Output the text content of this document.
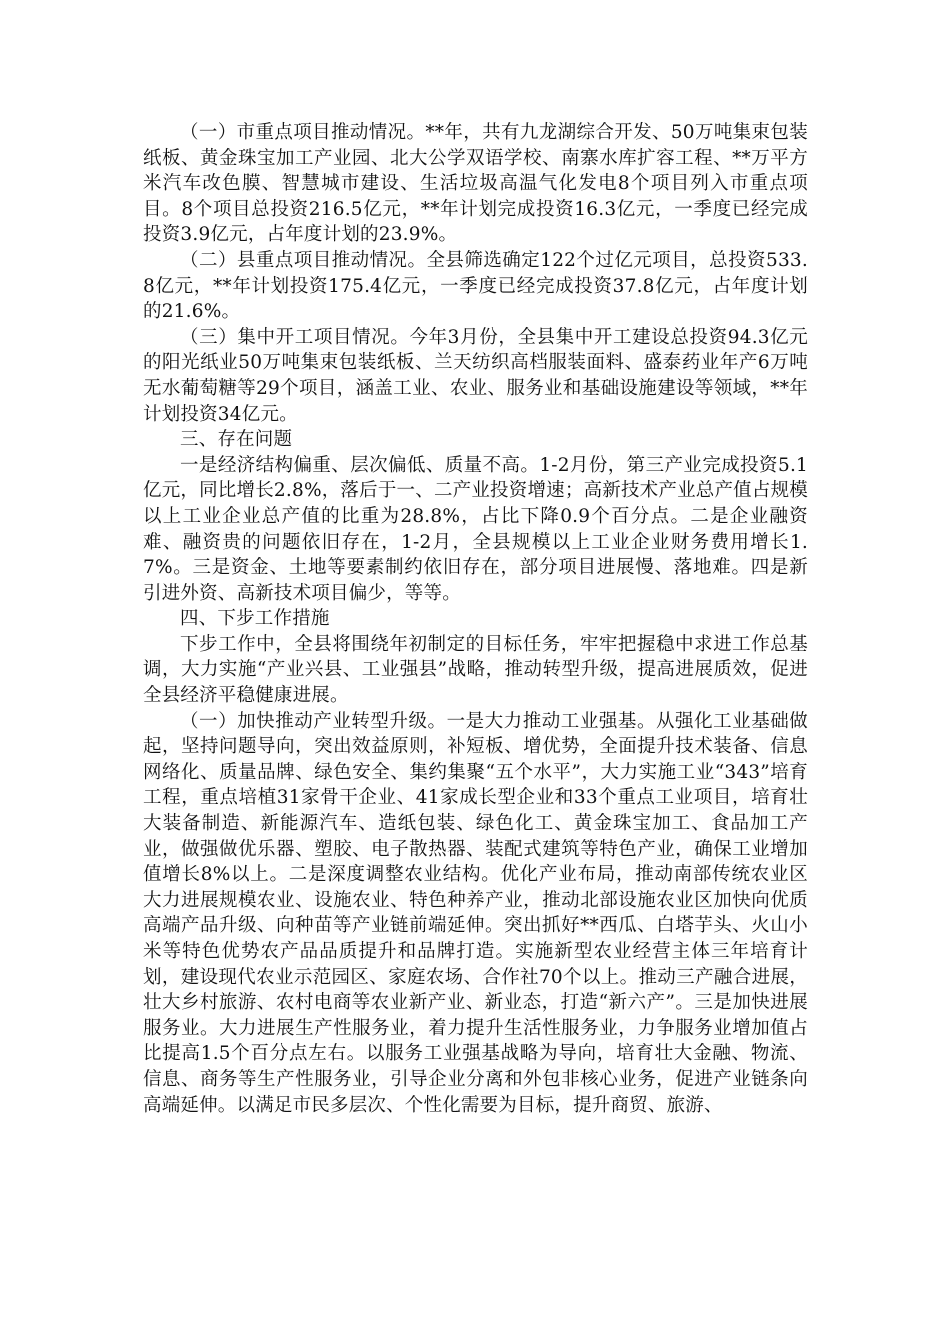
（一）市重点项目推动情况。**年，共有九龙湖综合开发、50万吨集束包装纸板、黄金珠宝加工产业园、北大公学双语学校、南寨水库扩容工程、**万平方米汽车改色膜、智慧城市建设、生活垃圾高温气化发电8个项目列入市重点项目。8个项目总投资216.5亿元，**年计划完成投资16.3亿元，一季度已经完成投资3.9亿元，占年度计划的23.9%。

（二）县重点项目推动情况。全县筛选确定122个过亿元项目，总投资533.8亿元，**年计划投资175.4亿元，一季度已经完成投资37.8亿元，占年度计划的21.6%。

（三）集中开工项目情况。今年3月份，全县集中开工建设总投资94.3亿元的阳光纸业50万吨集束包装纸板、兰天纺织高档服装面料、盛泰药业年产6万吨无水葡萄糖等29个项目，涵盖工业、农业、服务业和基础设施建设等领域，**年计划投资34亿元。

三、存在问题

一是经济结构偏重、层次偏低、质量不高。1-2月份，第三产业完成投资5.1亿元，同比增长2.8%，落后于一、二产业投资增速；高新技术产业总产值占规模以上工业企业总产值的比重为28.8%，占比下降0.9个百分点。二是企业融资难、融资贵的问题依旧存在，1-2月，全县规模以上工业企业财务费用增长1.7%。三是资金、土地等要素制约依旧存在，部分项目进展慢、落地难。四是新引进外资、高新技术项目偏少，等等。

四、下步工作措施

下步工作中，全县将围绕年初制定的目标任务，牢牢把握稳中求进工作总基调，大力实施“产业兴县、工业强县”战略，推动转型升级，提高进展质效，促进全县经济平稳健康进展。

（一）加快推动产业转型升级。一是大力推动工业强基。从强化工业基础做起，坚持问题导向，突出效益原则，补短板、增优势，全面提升技术装备、信息网络化、质量品牌、绿色安全、集约集聚“五个水平”，大力实施工业“343”培育工程，重点培植31家骨干企业、41家成长型企业和33个重点工业项目，培育壮大装备制造、新能源汽车、造纸包装、绿色化工、黄金珠宝加工、食品加工产业，做强做优乐器、塑胶、电子散热器、装配式建筑等特色产业，确保工业增加值增长8%以上。二是深度调整农业结构。优化产业布局，推动南部传统农业区大力进展规模农业、设施农业、特色种养产业，推动北部设施农业区加快向优质高端产品升级、向种苗等产业链前端延伸。突出抓好**西瓜、白塔芋头、火山小米等特色优势农产品品质提升和品牌打造。实施新型农业经营主体三年培育计划，建设现代农业示范园区、家庭农场、合作社70个以上。推动三产融合进展，壮大乡村旅游、农村电商等农业新产业、新业态，打造“新六产”。三是加快进展服务业。大力进展生产性服务业，着力提升生活性服务业，力争服务业增加值占比提高1.5个百分点左右。以服务工业强基战略为导向，培育壮大金融、物流、信息、商务等生产性服务业，引导企业分离和外包非核心业务，促进产业链条向高端延伸。以满足市民多层次、个性化需要为目标，提升商贸、旅游、
